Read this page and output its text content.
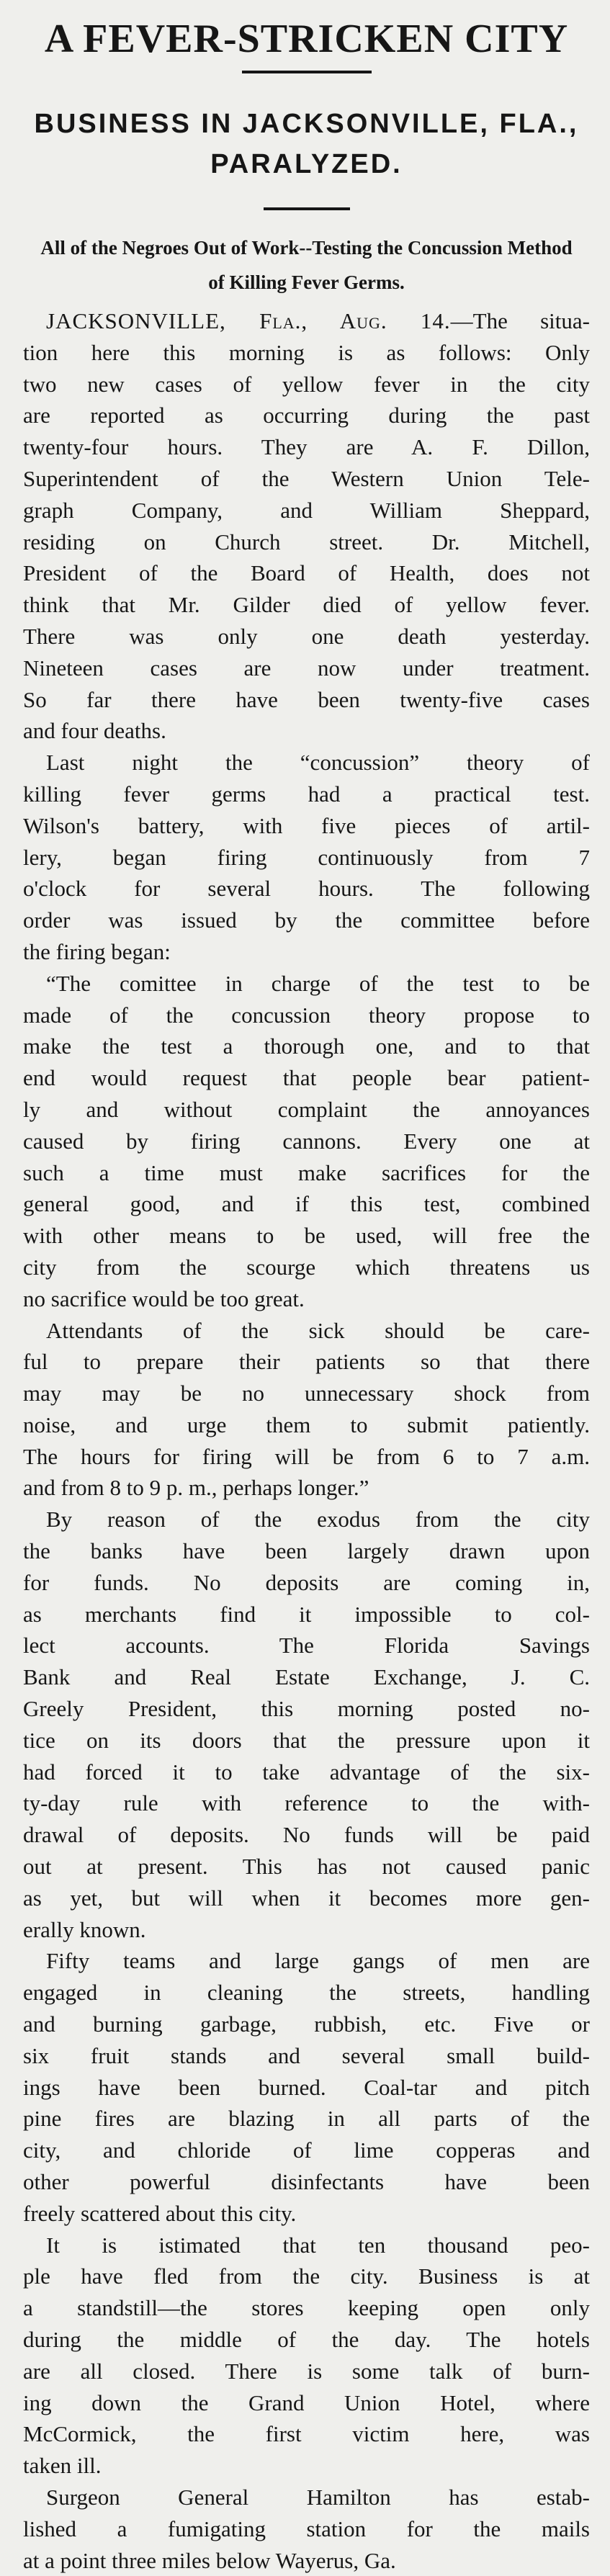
A FEVER-STRICKEN CITY
BUSINESS IN JACKSONVILLE, FLA., PARALYZED.
All of the Negroes Out of Work--Testing the Concussion Method of Killing Fever Germs.
JACKSONVILLE, Fla., Aug. 14.—The situa-
tion here this morning is as follows: Only
two new cases of yellow fever in the city
are reported as occurring during the past
twenty-four hours. They are A. F. Dillon,
Superintendent of the Western Union Tele-
graph Company, and William Sheppard,
residing on Church street. Dr. Mitchell,
President of the Board of Health, does not
think that Mr. Gilder died of yellow fever.
There was only one death yesterday.
Nineteen cases are now under treatment.
So far there have been twenty-five cases
and four deaths.
Last night the “concussion” theory of
killing fever germs had a practical test.
Wilson's battery, with five pieces of artil-
lery, began firing continuously from 7
o'clock for several hours. The following
order was issued by the committee before
the firing began:
“The comittee in charge of the test to be
made of the concussion theory propose to
make the test a thorough one, and to that
end would request that people bear patient-
ly and without complaint the annoyances
caused by firing cannons. Every one at
such a time must make sacrifices for the
general good, and if this test, combined
with other means to be used, will free the
city from the scourge which threatens us
no sacrifice would be too great.
Attendants of the sick should be care-
ful to prepare their patients so that there
may may be no unnecessary shock from
noise, and urge them to submit patiently.
The hours for firing will be from 6 to 7 a.m.
and from 8 to 9 p. m., perhaps longer.”
By reason of the exodus from the city
the banks have been largely drawn upon
for funds. No deposits are coming in,
as merchants find it impossible to col-
lect accounts. The Florida Savings
Bank and Real Estate Exchange, J. C.
Greely President, this morning posted no-
tice on its doors that the pressure upon it
had forced it to take advantage of the six-
ty-day rule with reference to the with-
drawal of deposits. No funds will be paid
out at present. This has not caused panic
as yet, but will when it becomes more gen-
erally known.
Fifty teams and large gangs of men are
engaged in cleaning the streets, handling
and burning garbage, rubbish, etc. Five or
six fruit stands and several small build-
ings have been burned. Coal-tar and pitch
pine fires are blazing in all parts of the
city, and chloride of lime copperas and
other powerful disinfectants have been
freely scattered about this city.
It is istimated that ten thousand peo-
ple have fled from the city. Business is at
a standstill—the stores keeping open only
during the middle of the day. The hotels
are all closed. There is some talk of burn-
ing down the Grand Union Hotel, where
McCormick, the first victim here, was
taken ill.
Surgeon General Hamilton has estab-
lished a fumigating station for the mails
at a point three miles below Wayerus, Ga.
